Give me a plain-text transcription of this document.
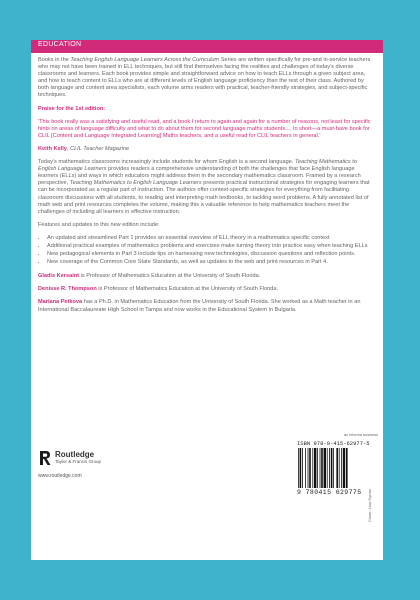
EDUCATION

Books in the Teaching English Language Learners Across the Curriculum Series are written specifically for pre-and in-service teachers who may not have been trained in ELL techniques, but still find themselves facing the realities and challenges of today's diverse classrooms and learners. Each book provides simple and straightforward advice on how to teach ELLs through a given subject area, and how to teach content to ELLs who are at different levels of English language proficiency than the rest of their class. Authored by both language and content area specialists, each volume arms readers with practical, teacher-friendly strategies, and subject-specific techniques.

Praise for the 1st edition:

'This book really was a satisfying and useful read, and a book I return to again and again for a number of reasons, not least for specific hints on areas of language difficulty and what to do about them for second language maths students.... In short—a must-have book for CLIL [Content and Language Integrated Learning] Maths teachers, and a useful read for CLIL teachers in general.'

Keith Kelly, CLIL Teacher Magazine

Today's mathematics classrooms increasingly include students for whom English is a second language. Teaching Mathematics to English Language Learners provides readers a comprehensive understanding of both the challenges that face English language learners (ELLs) and ways in which educators might address them in the secondary mathematics classroom. Framed by a research perspective, Teaching Mathematics to English Language Learners presents practical instructional strategies for engaging learners that can be incorporated as a regular part of instruction. The authors offer context-specific strategies for everything from facilitating classroom discussions with all students, to reading and interpreting math textbooks, to tackling word problems. A fully annotated list of math web and print resources completes the volume, making this a valuable reference to help mathematics teachers meet the challenges of including all learners in effective instruction.

Features and updates to this new edition include:

• An updated and streamlined Part 1 provides an essential overview of ELL theory in a mathematics specific context
• Additional practical examples of mathematics problems and exercises make turning theory into practice easy when teaching ELLs
• New pedagogical elements in Part 3 include tips on harnessing new technologies, discussion questions and reflection points.
• New coverage of the Common Core State Standards, as well as updates to the web and print resources in Part 4.

Gladis Kersaint is Professor of Mathematics Education at the University of South Florida.

Denisse R. Thompson is Professor of Mathematics Education at the University of South Florida.

Mariana Petkova has a Ph.D. in Mathematics Education from the University of South Florida. She worked as a Math teacher in an International Baccalaureate High School in Tampa and now works in the Educational System in Bulgaria.

Routledge
Taylor & Francis Group
www.routledge.com
an informa business
ISBN 978-0-415-62977-5
9 780415 629775 Cover: Lisa Dynan
